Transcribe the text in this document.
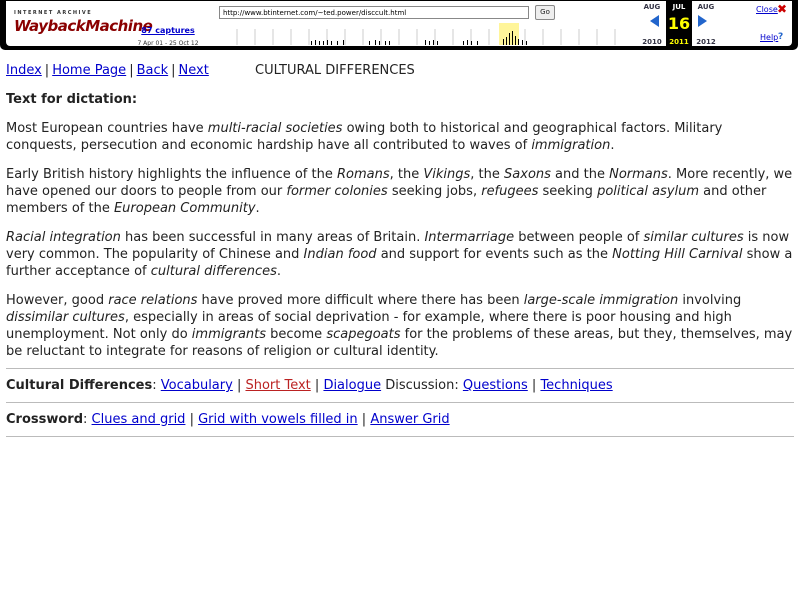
INTERNET ARCHIVE
WaybackMachine
87 captures
7 Apr 01 - 25 Oct 12
http://www.btinternet.com/~ted.power/disccult.html
Go
AUG	JUL	AUG
16
2010	2011	2012
Close ✖
Help ?
Index | Home Page | Back | Next	CULTURAL DIFFERENCES
Text for dictation:

Most European countries have multi-racial societies owing both to historical and geographical factors. Military conquests, persecution and economic hardship have all contributed to waves of immigration.

Early British history highlights the influence of the Romans, the Vikings, the Saxons and the Normans. More recently, we have opened our doors to people from our former colonies seeking jobs, refugees seeking political asylum and other members of the European Community.

Racial integration has been successful in many areas of Britain. Intermarriage between people of similar cultures is now very common. The popularity of Chinese and Indian food and support for events such as the Notting Hill Carnival show a further acceptance of cultural differences.

However, good race relations have proved more difficult where there has been large-scale immigration involving dissimilar cultures, especially in areas of social deprivation - for example, where there is poor housing and high unemployment. Not only do immigrants become scapegoats for the problems of these areas, but they, themselves, may be reluctant to integrate for reasons of religion or cultural identity.

Cultural Differences: Vocabulary | Short Text | Dialogue Discussion: Questions | Techniques
Crossword: Clues and grid | Grid with vowels filled in | Answer Grid
